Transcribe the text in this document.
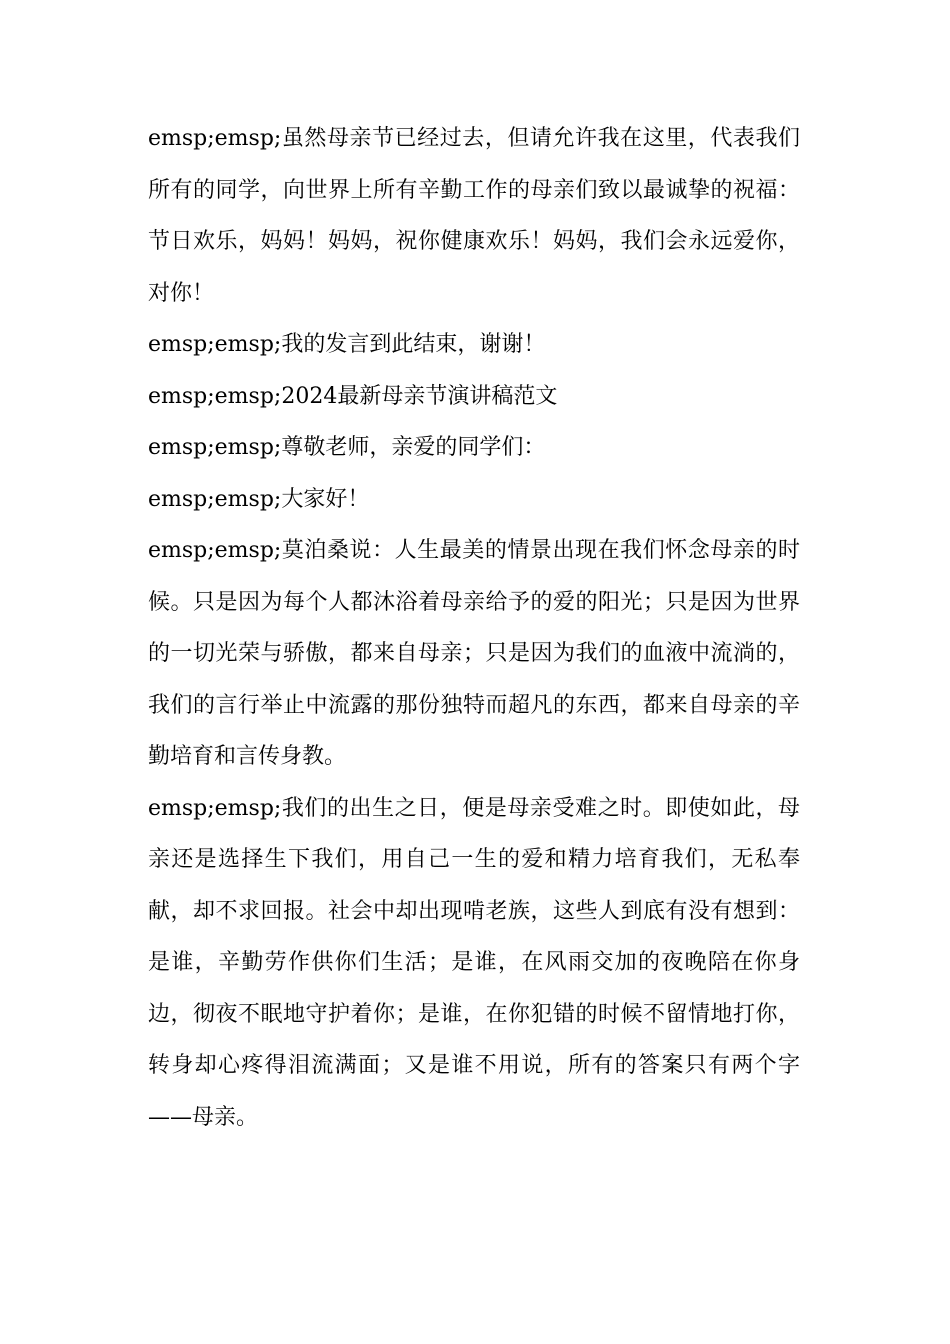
emsp;emsp;虽然母亲节已经过去，但请允许我在这里，代表我们所有的同学，向世界上所有辛勤工作的母亲们致以最诚挚的祝福：节日欢乐，妈妈！妈妈，祝你健康欢乐！妈妈，我们会永远爱你，对你！

emsp;emsp;我的发言到此结束，谢谢！

emsp;emsp;2024最新母亲节演讲稿范文

emsp;emsp;尊敬老师，亲爱的同学们：

emsp;emsp;大家好！

emsp;emsp;莫泊桑说：人生最美的情景出现在我们怀念母亲的时候。只是因为每个人都沐浴着母亲给予的爱的阳光；只是因为世界的一切光荣与骄傲，都来自母亲；只是因为我们的血液中流淌的，我们的言行举止中流露的那份独特而超凡的东西，都来自母亲的辛勤培育和言传身教。

emsp;emsp;我们的出生之日，便是母亲受难之时。即使如此，母亲还是选择生下我们，用自己一生的爱和精力培育我们，无私奉献，却不求回报。社会中却出现啃老族，这些人到底有没有想到：是谁，辛勤劳作供你们生活；是谁，在风雨交加的夜晚陪在你身边，彻夜不眠地守护着你；是谁，在你犯错的时候不留情地打你，转身却心疼得泪流满面；又是谁不用说，所有的答案只有两个字——母亲。
